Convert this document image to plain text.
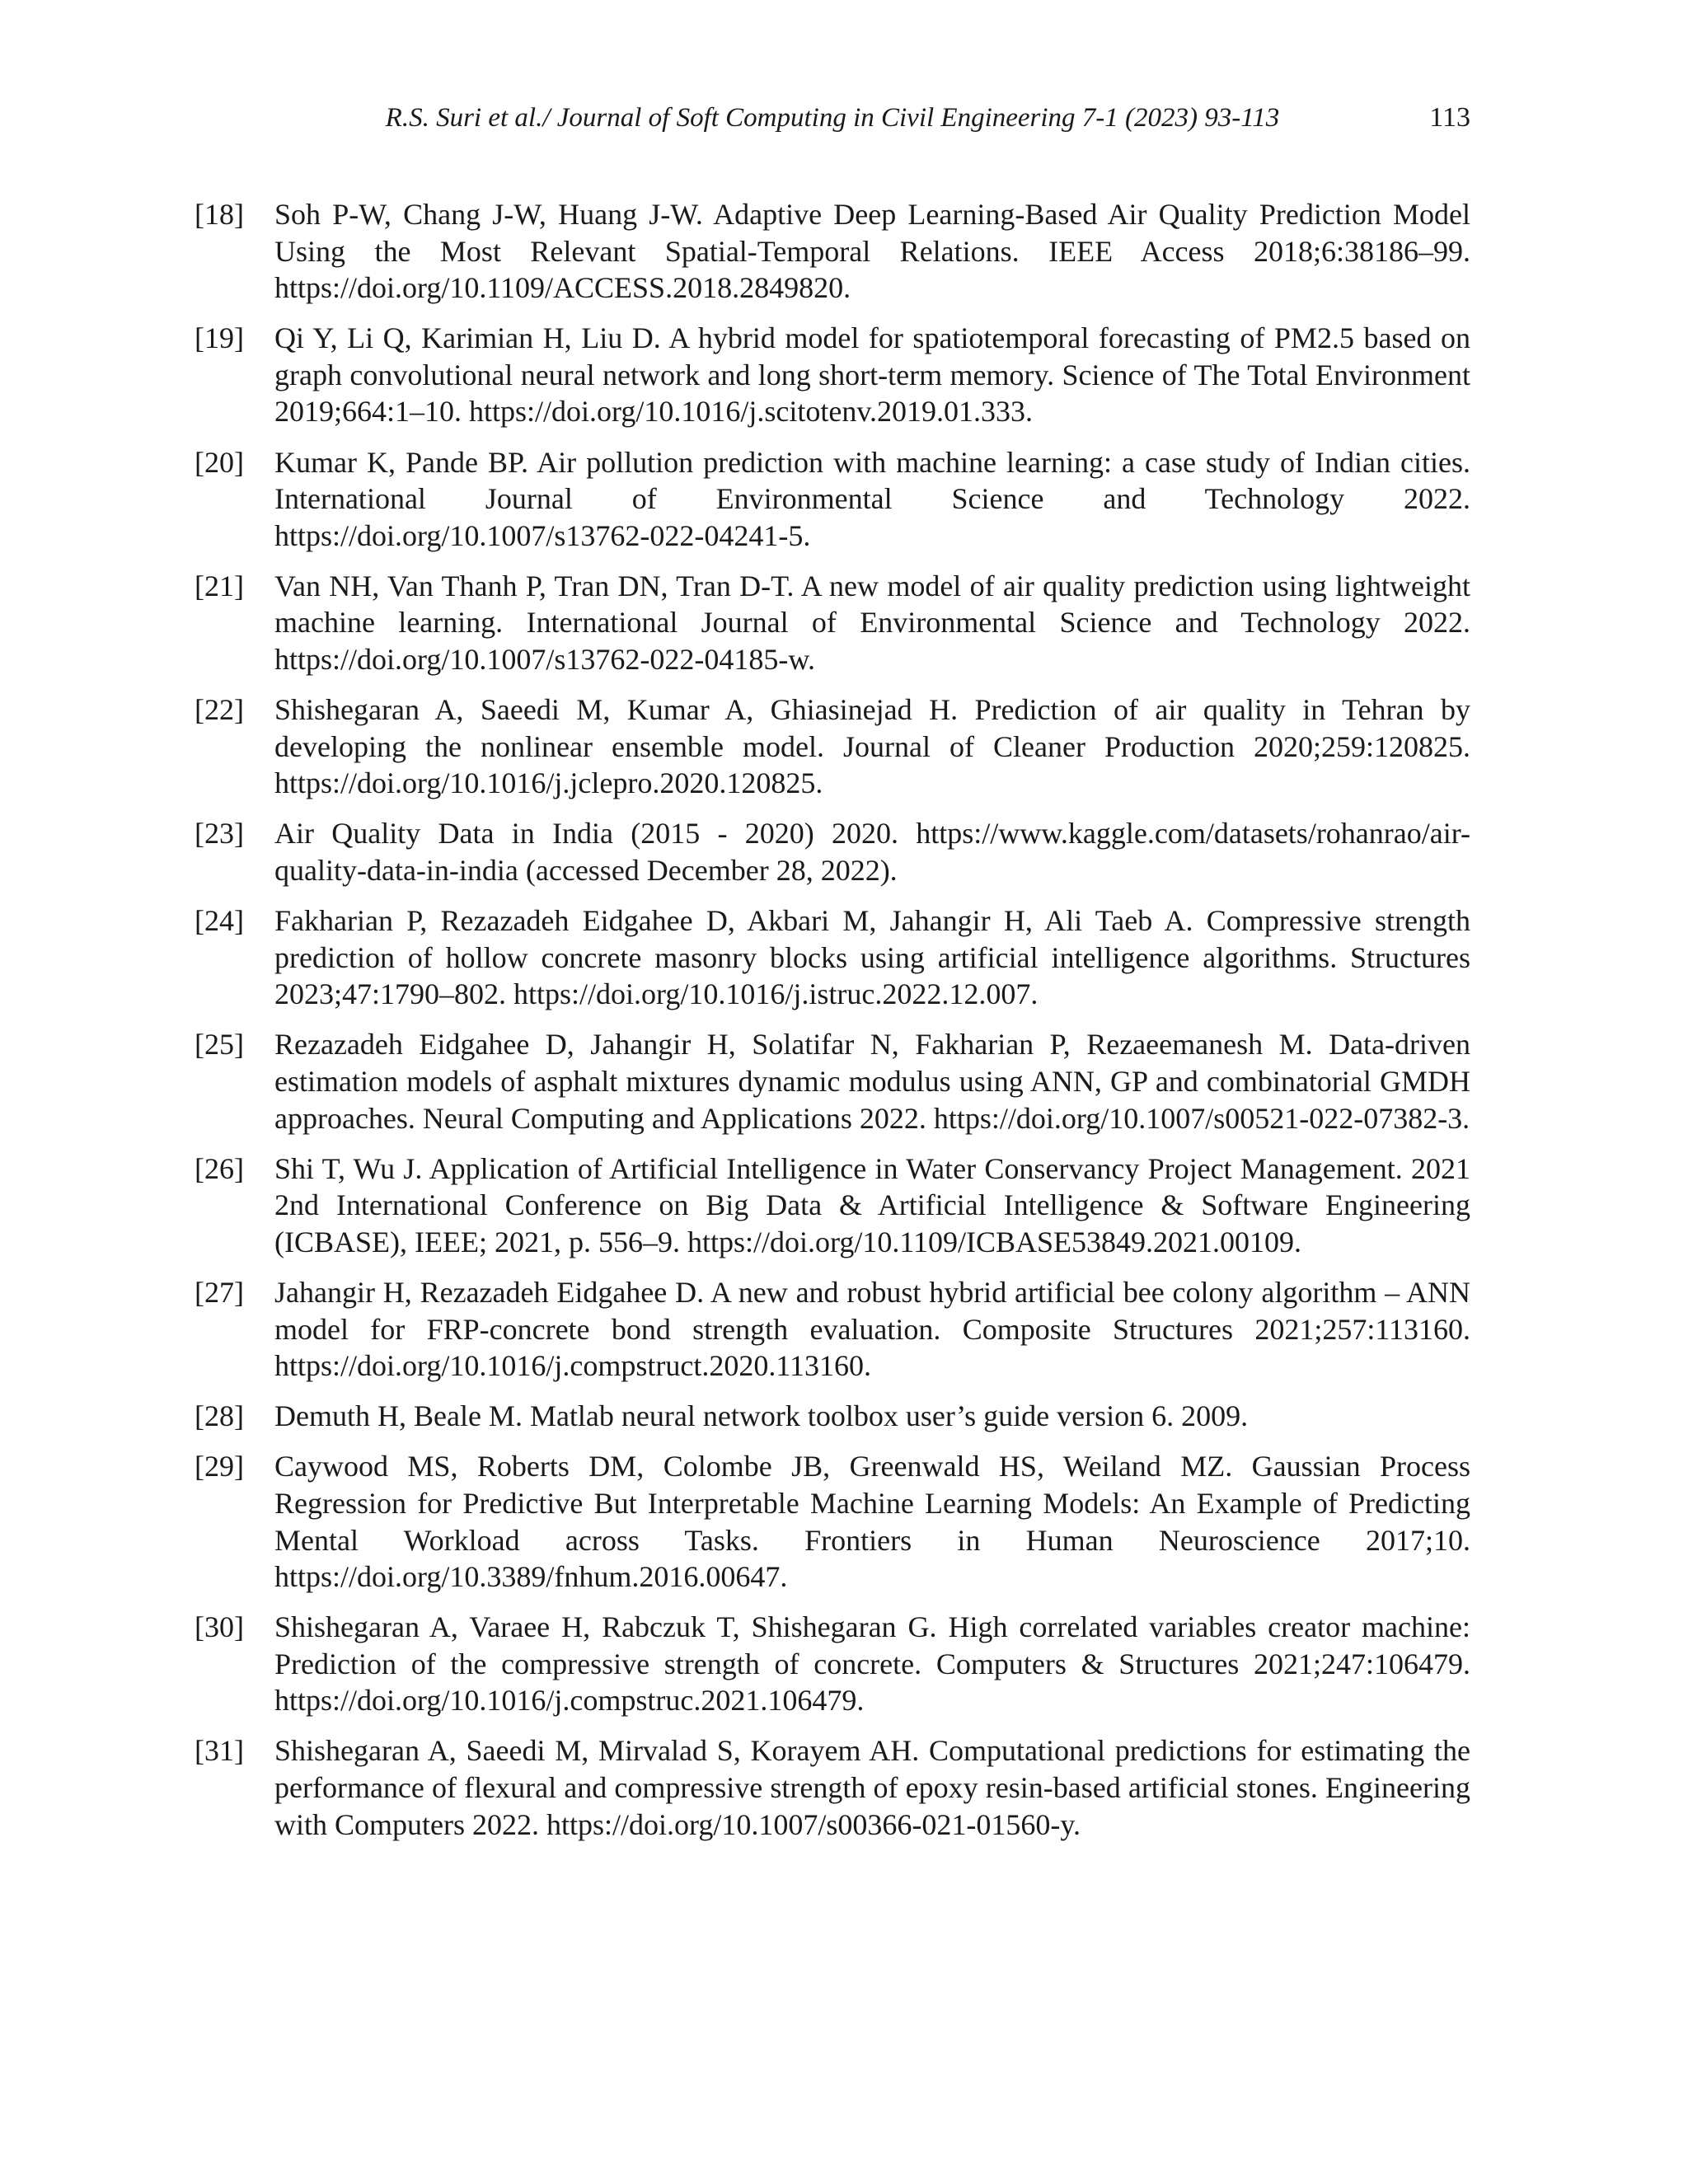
R.S. Suri et al./ Journal of Soft Computing in Civil Engineering 7-1 (2023) 93-113	113
[18]	Soh P-W, Chang J-W, Huang J-W. Adaptive Deep Learning-Based Air Quality Prediction Model Using the Most Relevant Spatial-Temporal Relations. IEEE Access 2018;6:38186–99. https://doi.org/10.1109/ACCESS.2018.2849820.
[19]	Qi Y, Li Q, Karimian H, Liu D. A hybrid model for spatiotemporal forecasting of PM2.5 based on graph convolutional neural network and long short-term memory. Science of The Total Environment 2019;664:1–10. https://doi.org/10.1016/j.scitotenv.2019.01.333.
[20]	Kumar K, Pande BP. Air pollution prediction with machine learning: a case study of Indian cities. International Journal of Environmental Science and Technology 2022. https://doi.org/10.1007/s13762-022-04241-5.
[21]	Van NH, Van Thanh P, Tran DN, Tran D-T. A new model of air quality prediction using lightweight machine learning. International Journal of Environmental Science and Technology 2022. https://doi.org/10.1007/s13762-022-04185-w.
[22]	Shishegaran A, Saeedi M, Kumar A, Ghiasinejad H. Prediction of air quality in Tehran by developing the nonlinear ensemble model. Journal of Cleaner Production 2020;259:120825. https://doi.org/10.1016/j.jclepro.2020.120825.
[23]	Air Quality Data in India (2015 - 2020) 2020. https://www.kaggle.com/datasets/rohanrao/air-quality-data-in-india (accessed December 28, 2022).
[24]	Fakharian P, Rezazadeh Eidgahee D, Akbari M, Jahangir H, Ali Taeb A. Compressive strength prediction of hollow concrete masonry blocks using artificial intelligence algorithms. Structures 2023;47:1790–802. https://doi.org/10.1016/j.istruc.2022.12.007.
[25]	Rezazadeh Eidgahee D, Jahangir H, Solatifar N, Fakharian P, Rezaeemanesh M. Data-driven estimation models of asphalt mixtures dynamic modulus using ANN, GP and combinatorial GMDH approaches. Neural Computing and Applications 2022. https://doi.org/10.1007/s00521-022-07382-3.
[26]	Shi T, Wu J. Application of Artificial Intelligence in Water Conservancy Project Management. 2021 2nd International Conference on Big Data & Artificial Intelligence & Software Engineering (ICBASE), IEEE; 2021, p. 556–9. https://doi.org/10.1109/ICBASE53849.2021.00109.
[27]	Jahangir H, Rezazadeh Eidgahee D. A new and robust hybrid artificial bee colony algorithm – ANN model for FRP-concrete bond strength evaluation. Composite Structures 2021;257:113160. https://doi.org/10.1016/j.compstruct.2020.113160.
[28]	Demuth H, Beale M. Matlab neural network toolbox user’s guide version 6. 2009.
[29]	Caywood MS, Roberts DM, Colombe JB, Greenwald HS, Weiland MZ. Gaussian Process Regression for Predictive But Interpretable Machine Learning Models: An Example of Predicting Mental Workload across Tasks. Frontiers in Human Neuroscience 2017;10. https://doi.org/10.3389/fnhum.2016.00647.
[30]	Shishegaran A, Varaee H, Rabczuk T, Shishegaran G. High correlated variables creator machine: Prediction of the compressive strength of concrete. Computers & Structures 2021;247:106479. https://doi.org/10.1016/j.compstruc.2021.106479.
[31]	Shishegaran A, Saeedi M, Mirvalad S, Korayem AH. Computational predictions for estimating the performance of flexural and compressive strength of epoxy resin-based artificial stones. Engineering with Computers 2022. https://doi.org/10.1007/s00366-021-01560-y.
